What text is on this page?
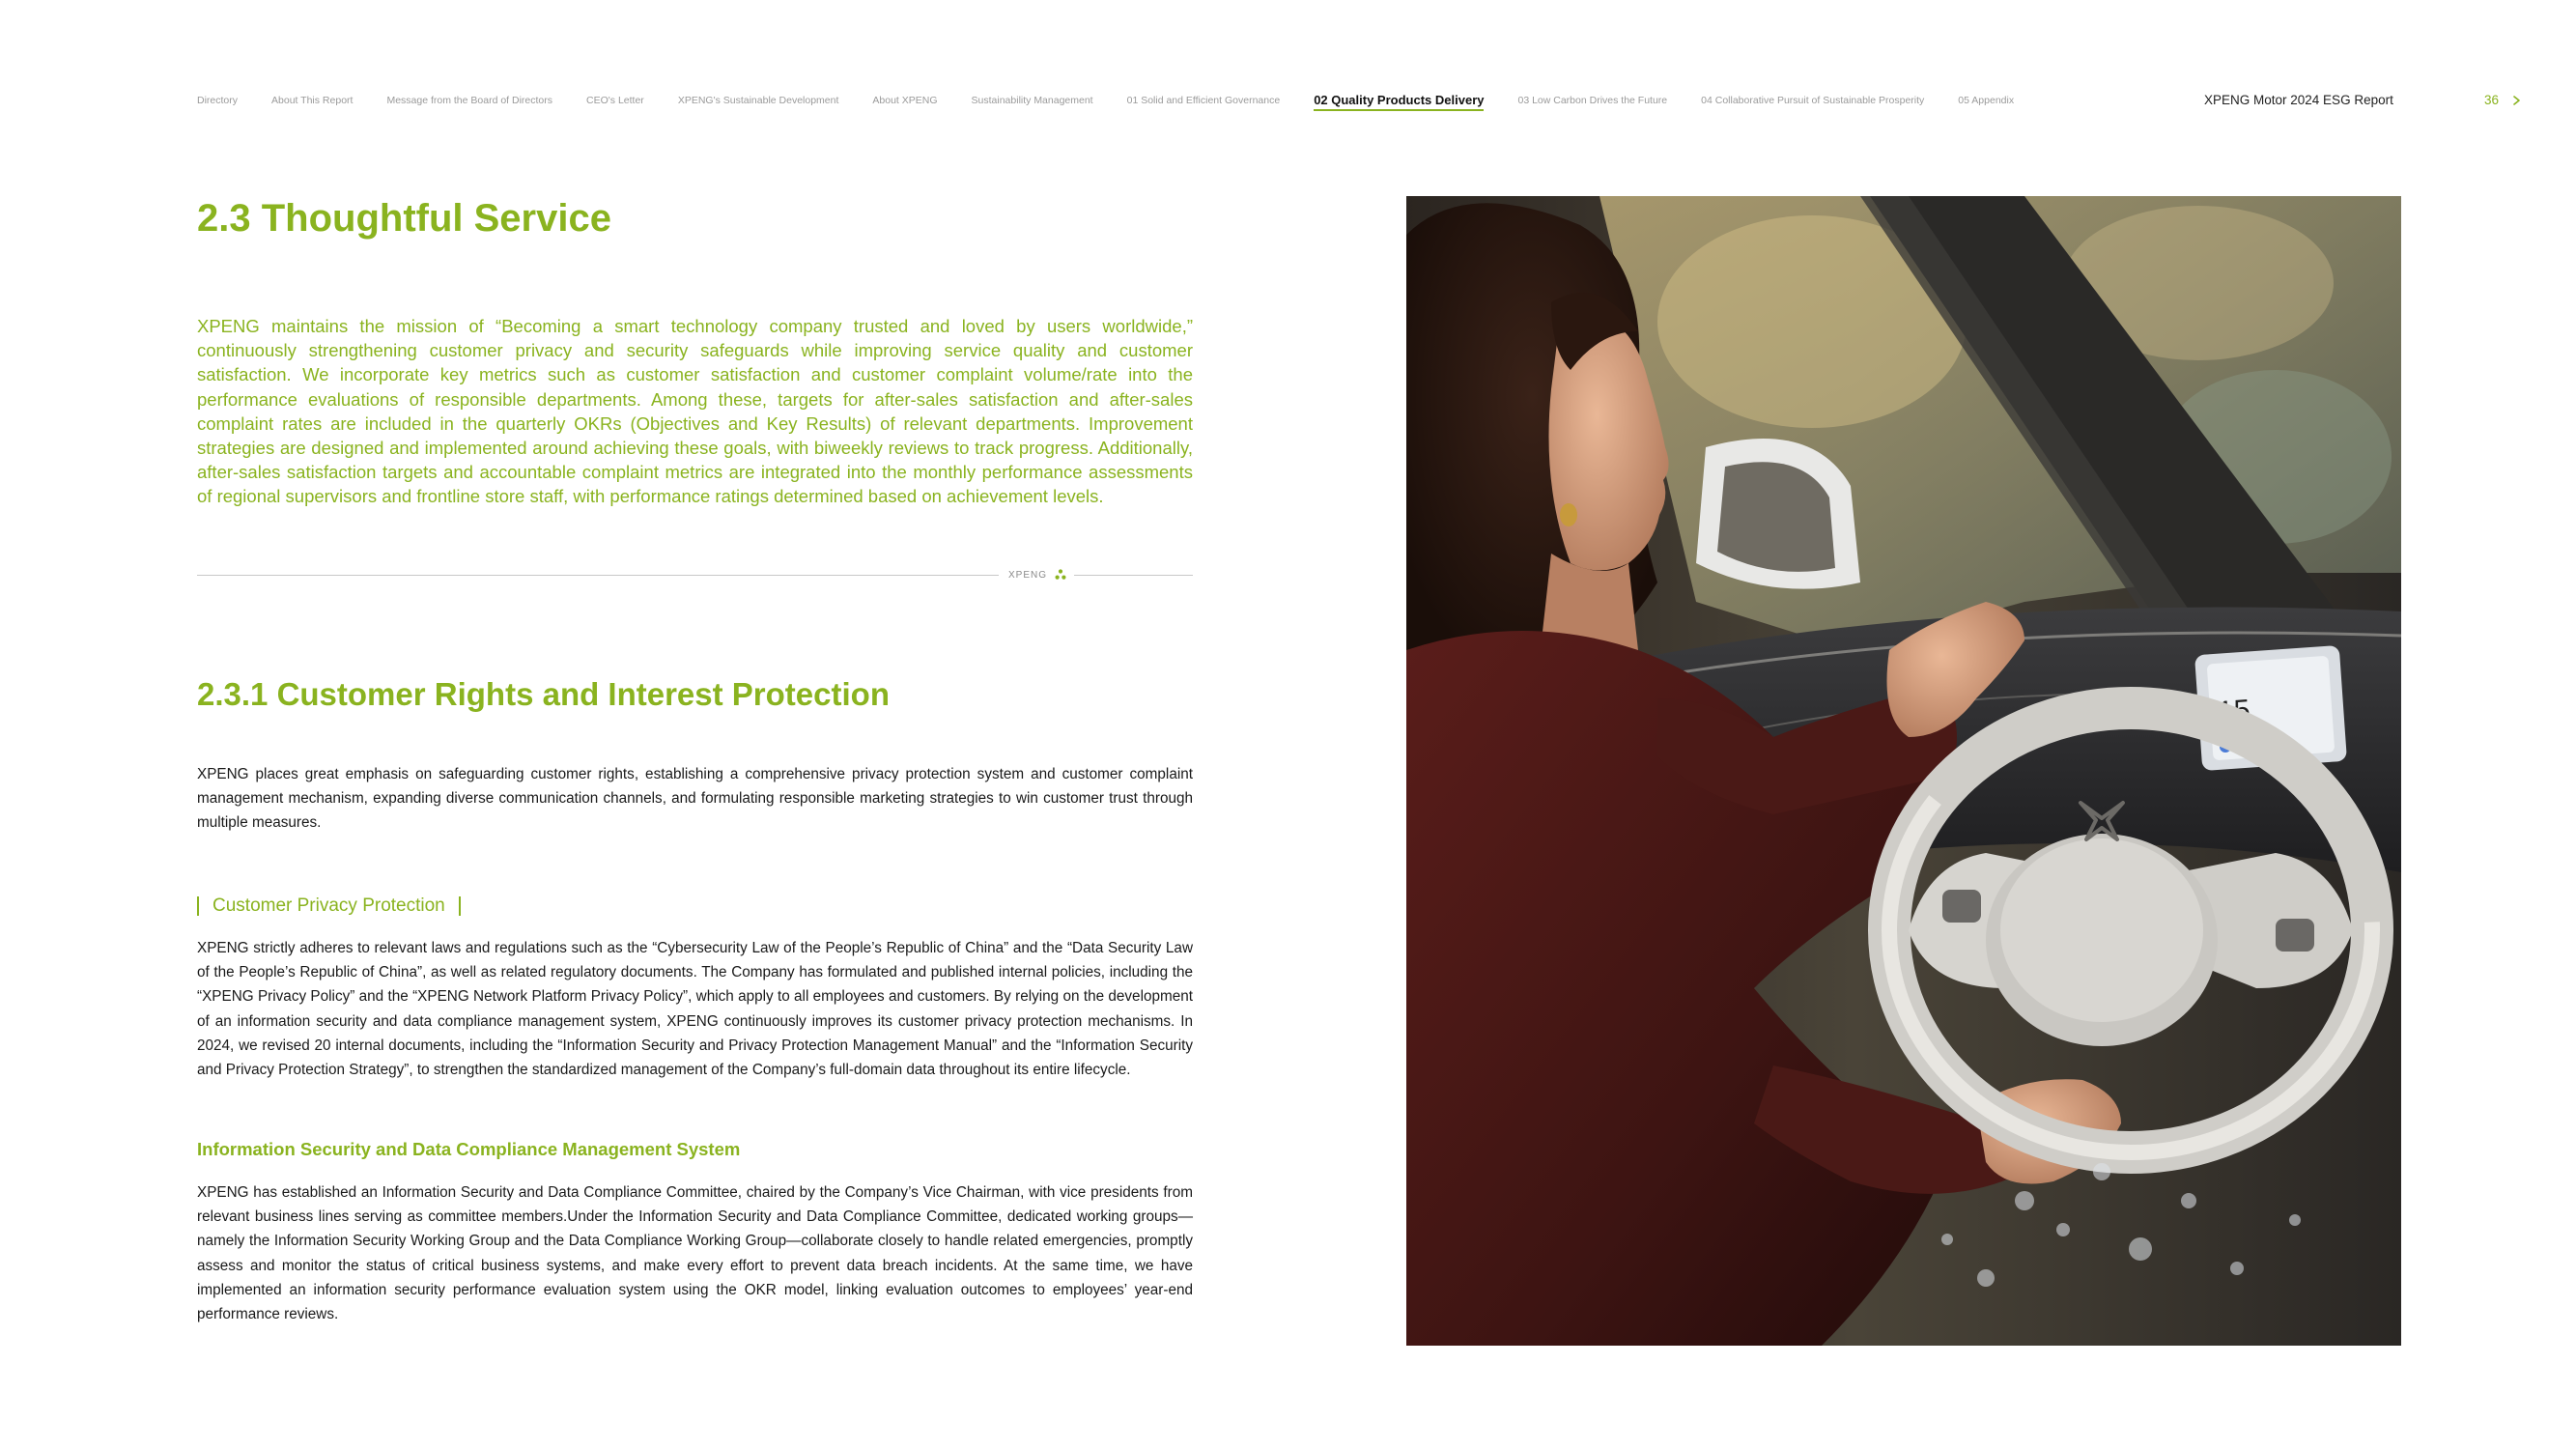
Directory	About This Report	Message from the Board of Directors	CEO's Letter	XPENG's Sustainable Development	About XPENG	Sustainability Management	01 Solid and Efficient Governance	02 Quality Products Delivery	03 Low Carbon Drives the Future	04 Collaborative Pursuit of Sustainable Prosperity	05 Appendix	XPENG Motor 2024 ESG Report	36
2.3 Thoughtful Service

XPENG maintains the mission of “Becoming a smart technology company trusted and loved by users worldwide,” continuously strengthening customer privacy and security safeguards while improving service quality and customer satisfaction. We incorporate key metrics such as customer satisfaction and customer complaint volume/rate into the performance evaluations of responsible departments. Among these, targets for after-sales satisfaction and after-sales complaint rates are included in the quarterly OKRs (Objectives and Key Results) of relevant departments. Improvement strategies are designed and implemented around achieving these goals, with biweekly reviews to track progress. Additionally, after-sales satisfaction targets and accountable complaint metrics are integrated into the monthly performance assessments of regional supervisors and frontline store staff, with performance ratings determined based on achievement levels.

XPENG
2.3.1 Customer Rights and Interest Protection

XPENG places great emphasis on safeguarding customer rights, establishing a comprehensive privacy protection system and customer complaint management mechanism, expanding diverse communication channels, and formulating responsible marketing strategies to win customer trust through multiple measures.

Customer Privacy Protection

XPENG strictly adheres to relevant laws and regulations such as the “Cybersecurity Law of the People’s Republic of China” and the “Data Security Law of the People’s Republic of China”, as well as related regulatory documents. The Company has formulated and published internal policies, including the “XPENG Privacy Policy” and the “XPENG Network Platform Privacy Policy”, which apply to all employees and customers. By relying on the development of an information security and data compliance management system, XPENG continuously improves its customer privacy protection mechanisms. In 2024, we revised 20 internal documents, including the “Information Security and Privacy Protection Management Manual” and the “Information Security and Privacy Protection Strategy”, to strengthen the standardized management of the Company’s full-domain data throughout its entire lifecycle.

Information Security and Data Compliance Management System

XPENG has established an Information Security and Data Compliance Committee, chaired by the Company’s Vice Chairman, with vice presidents from relevant business lines serving as committee members.Under the Information Security and Data Compliance Committee, dedicated working groups—namely the Information Security Working Group and the Data Compliance Working Group—collaborate closely to handle related emergencies, promptly assess and monitor the status of critical business systems, and make every effort to prevent data breach incidents. At the same time, we have implemented an information security performance evaluation system using the OKR model, linking evaluation outcomes to employees’ year-end performance reviews.

15
